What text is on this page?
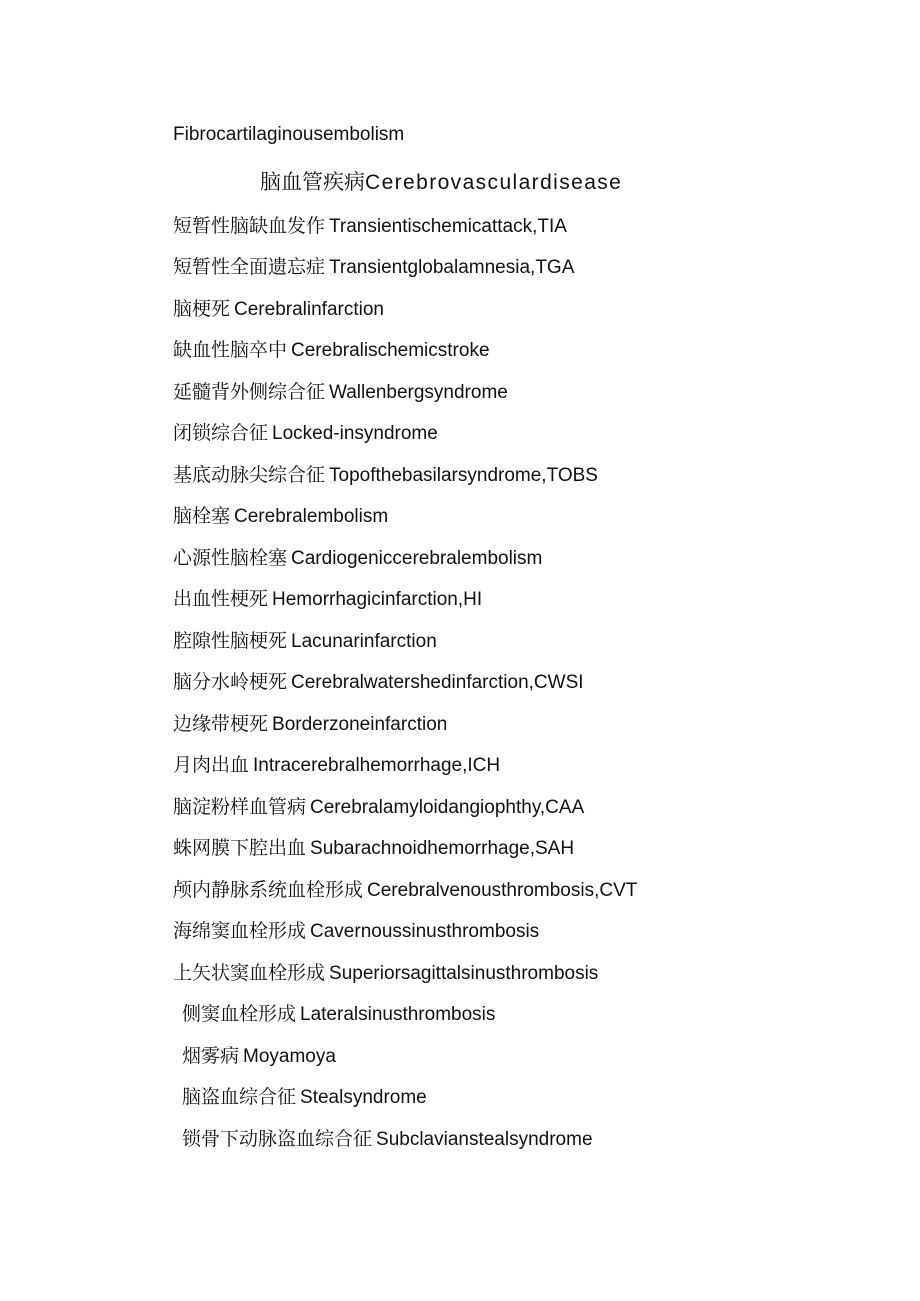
Fibrocartilaginousembolism
脑血管疾病Cerebrovasculardisease
短暂性脑缺血发作 Transientischemicattack,TIA
短暂性全面遗忘症 Transientglobalamnesia,TGA
脑梗死 Cerebralinfarction
缺血性脑卒中 Cerebralischemicstroke
延髓背外侧综合征 Wallenbergsyndrome
闭锁综合征 Locked-insyndrome
基底动脉尖综合征 Topofthebasilarsyndrome,TOBS
脑栓塞 Cerebralembolism
心源性脑栓塞 Cardiogeniccerebralembolism
出血性梗死 Hemorrhagicinfarction,HI
腔隙性脑梗死 Lacunarinfarction
脑分水岭梗死 Cerebralwatershedinfarction,CWSI
边缘带梗死 Borderzoneinfarction
月肉出血 Intracerebralhemorrhage,ICH
脑淀粉样血管病 Cerebralamyloidangiophthy,CAA
蛛网膜下腔出血 Subarachnoidhemorrhage,SAH
颅内静脉系统血栓形成 Cerebralvenousthrombosis,CVT
海绵窦血栓形成 Cavernoussinusthrombosis
上矢状窦血栓形成 Superiorsagittalsinusthrombosis
侧窦血栓形成 Lateralsinusthrombosis
烟雾病 Moyamoya
脑盗血综合征 Stealsyndrome
锁骨下动脉盗血综合征 Subclavianstealsyndrome
